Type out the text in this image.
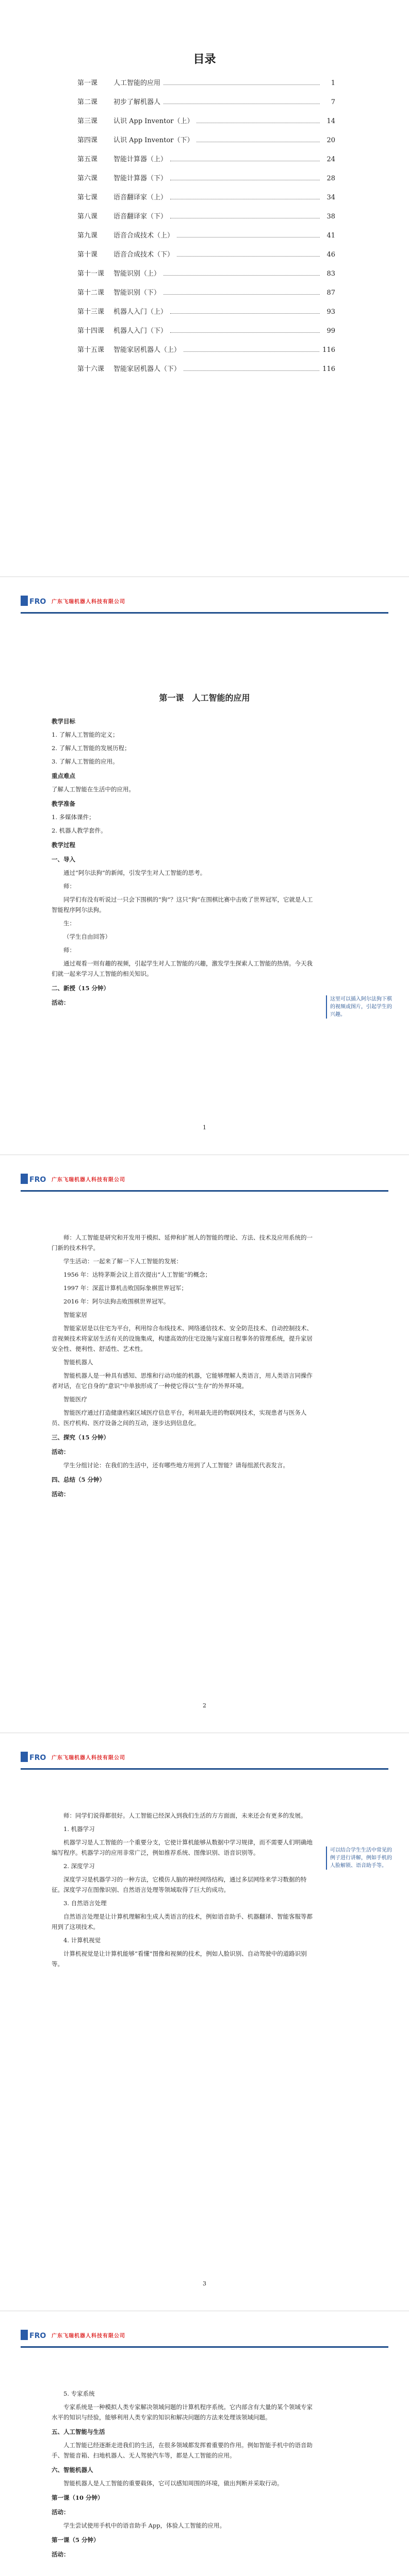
目录
第一课	人工智能的应用	1
第二课	初步了解机器人	7
第三课	认识 App Inventor（上）	14
第四课	认识 App Inventor（下）	20
第五课	智能计算器（上）	24
第六课	智能计算器（下）	28
第七课	语音翻译家（上）	34
第八课	语音翻译家（下）	38
第九课	语音合成技术（上）	41
第十课	语音合成技术（下）	46
第十一课	智能识别（上）	83
第十二课	智能识别（下）	87
第十三课	机器人入门（上）	93
第十四课	机器人入门（下）	99
第十五课	智能家居机器人（上）	116
第十六课	智能家居机器人（下）	116
FRO 广东飞瑞机器人科技有限公司
第一课　人工智能的应用

教学目标

1. 了解人工智能的定义；

2. 了解人工智能的发展历程；

3. 了解人工智能的应用。

重点难点

了解人工智能在生活中的应用。

教学准备

1. 多媒体课件；

2. 机器人教学套件。

教学过程

一、导入

通过“阿尔法狗”的新闻，引发学生对人工智能的思考。

师：

同学们有没有听说过一只会下围棋的“狗”？这只“狗”在围棋比赛中击败了世界冠军，它就是人工智能程序阿尔法狗。

生：

（学生自由回答）

师：

通过观看一则有趣的视频，引起学生对人工智能的兴趣，激发学生探索人工智能的热情。今天我们就一起来学习人工智能的相关知识。

二、新授（15 分钟）

活动：	这里可以插入阿尔法狗下棋的视频或图片，引起学生的兴趣。
1
FRO 广东飞瑞机器人科技有限公司

师：人工智能是研究和开发用于模拟、延伸和扩展人的智能的理论、方法、技术及应用系统的一门新的技术科学。

学生活动：一起来了解一下人工智能的发展：

1956 年：达特茅斯会议上首次提出“人工智能”的概念；

1997 年：深蓝计算机击败国际象棋世界冠军；

2016 年：阿尔法狗击败围棋世界冠军。

智能家居

智能家居是以住宅为平台，利用综合布线技术、网络通信技术、安全防范技术、自动控制技术、音视频技术将家居生活有关的设施集成，构建高效的住宅设施与家庭日程事务的管理系统，提升家居安全性、便利性、舒适性、艺术性。

智能机器人

智能机器人是一种具有感知、思维和行动功能的机器，它能够理解人类语言，用人类语言同操作者对话，在它自身的“意识”中单独形成了一种使它得以“生存”的外界环境。

智能医疗

智能医疗通过打造健康档案区域医疗信息平台，利用最先进的物联网技术，实现患者与医务人员、医疗机构、医疗设备之间的互动，逐步达到信息化。

三、探究（15 分钟）

活动：

学生分组讨论：在我们的生活中，还有哪些地方用到了人工智能？请每组派代表发言。

四、总结（5 分钟）

活动：

2
FRO 广东飞瑞机器人科技有限公司

师：同学们说得都很好。人工智能已经深入到我们生活的方方面面，未来还会有更多的发展。

1. 机器学习

机器学习是人工智能的一个重要分支，它使计算机能够从数据中学习规律，而不需要人们明确地编写程序。机器学习的应用非常广泛，例如推荐系统、图像识别、语音识别等。

2. 深度学习

深度学习是机器学习的一种方法，它模仿人脑的神经网络结构，通过多层网络来学习数据的特征。深度学习在图像识别、自然语言处理等领域取得了巨大的成功。

3. 自然语言处理

自然语言处理是让计算机理解和生成人类语言的技术，例如语音助手、机器翻译、智能客服等都用到了这项技术。

4. 计算机视觉

计算机视觉是让计算机能够“看懂”图像和视频的技术，例如人脸识别、自动驾驶中的道路识别等。

可以结合学生生活中常见的例子进行讲解，例如手机的人脸解锁、语音助手等。
3
FRO 广东飞瑞机器人科技有限公司

5. 专家系统

专家系统是一种模拟人类专家解决领域问题的计算机程序系统。它内部含有大量的某个领域专家水平的知识与经验，能够利用人类专家的知识和解决问题的方法来处理该领域问题。

五、人工智能与生活

人工智能已经逐渐走进我们的生活，在很多领域都发挥着重要的作用。例如智能手机中的语音助手、智能音箱、扫地机器人、无人驾驶汽车等，都是人工智能的应用。

六、智能机器人

智能机器人是人工智能的重要载体，它可以感知周围的环境，做出判断并采取行动。

第一课（10 分钟）

活动：

学生尝试使用手机中的语音助手 App，体验人工智能的应用。

第一课（5 分钟）

活动：
